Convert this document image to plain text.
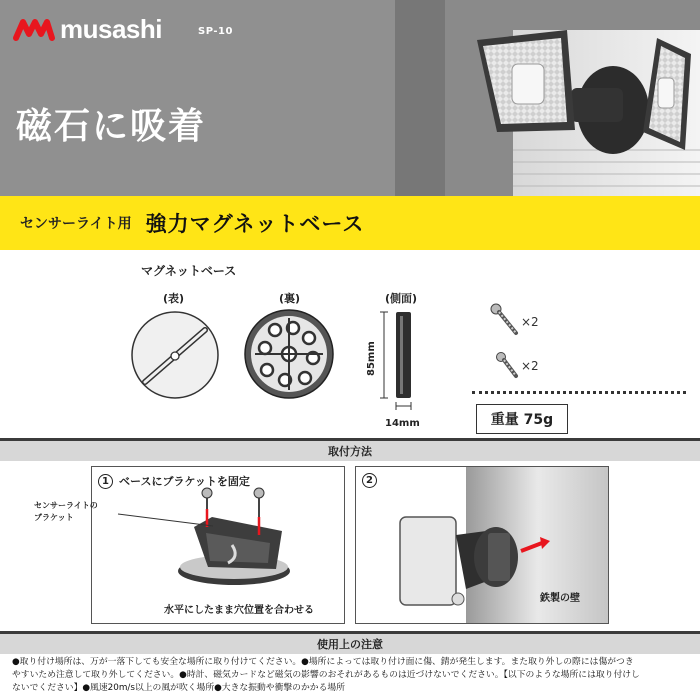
musashi	SP-10
磁石に吸着
センサーライト用 強力マグネットベース
マグネットベース
(表)	(裏)	(側面)
85mm
14mm
×2
×2
重量 75g
取付方法
1 ベースにブラケットを固定
水平にしたまま穴位置を合わせる
センサーライトの
ブラケット
2
鉄製の壁
使用上の注意
●取り付け場所は、万が一落下しても安全な場所に取り付けてください。●場所によっては取り付け面に傷、錆が発生します。また取り外しの際には傷がつき
やすいため注意して取り外してください。●時計、磁気カードなど磁気の影響のおそれがあるものは近づけないでください。【以下のような場所には取り付けし
ないでください】●風速20m/s以上の風が吹く場所●大きな振動や衝撃のかかる場所
